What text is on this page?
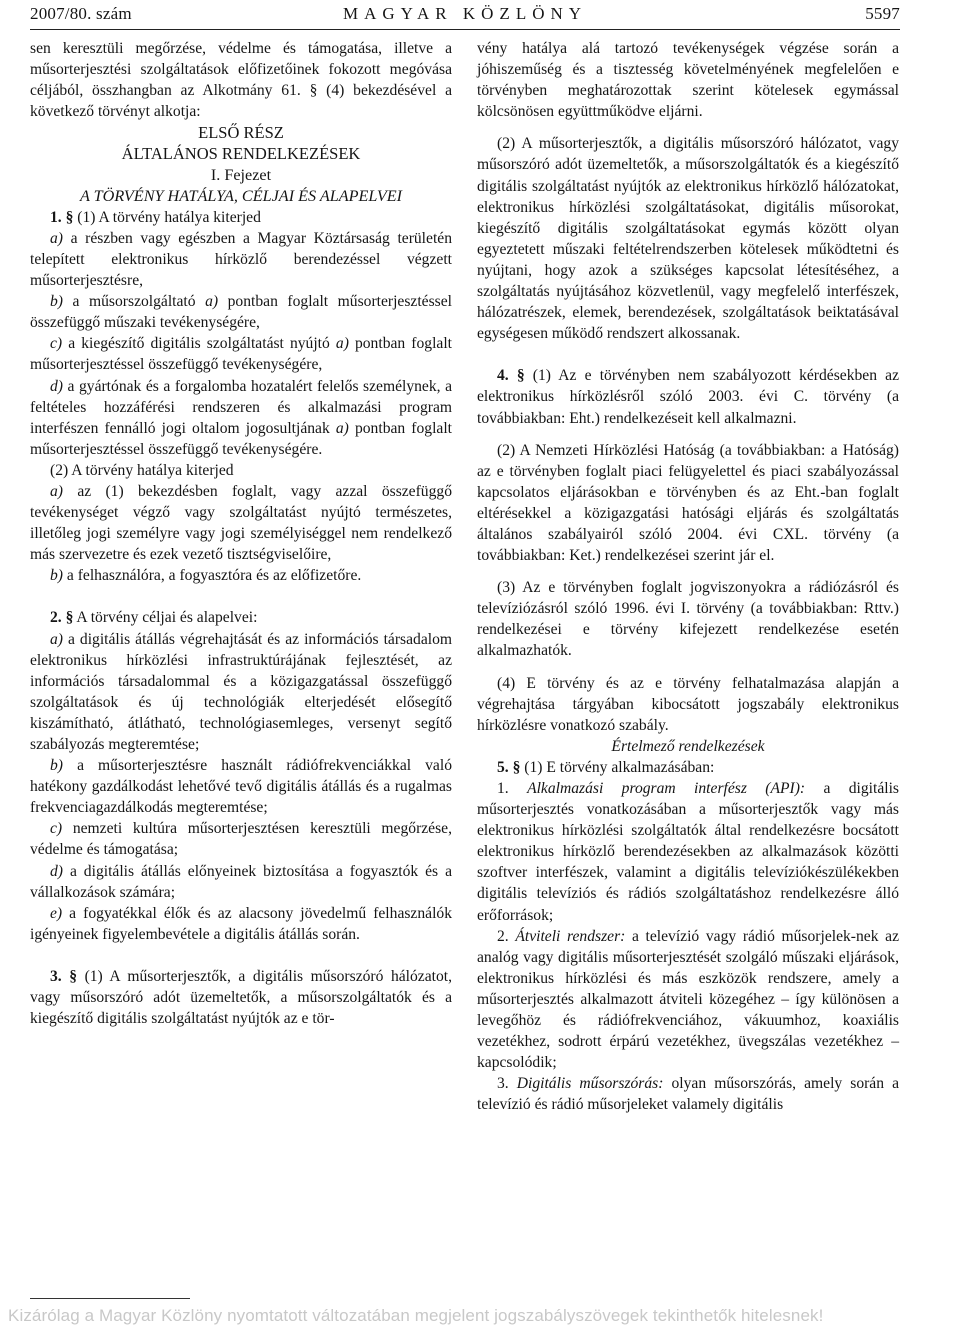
2007/80. szám	MAGYAR KÖZLÖNY	5597

sen keresztüli megőrzése, védelme és támogatása, illetve a műsorterjesztési szolgáltatások előfizetőinek fokozott megóvása céljából, összhangban az Alkotmány 61. § (4) bekezdésével a következő törvényt alkotja:

ELSŐ RÉSZ

ÁLTALÁNOS RENDELKEZÉSEK

I. Fejezet

A TÖRVÉNY HATÁLYA, CÉLJAI ÉS ALAPELVEI

1. § (1) A törvény hatálya kiterjed

a) a részben vagy egészben a Magyar Köztársaság területén telepített elektronikus hírközlő berendezéssel végzett műsorterjesztésre,

b) a műsorszolgáltató a) pontban foglalt műsorterjesztéssel összefüggő műszaki tevékenységére,

c) a kiegészítő digitális szolgáltatást nyújtó a) pontban foglalt műsorterjesztéssel összefüggő tevékenységére,

d) a gyártónak és a forgalomba hozatalért felelős személynek, a feltételes hozzáférési rendszeren és alkalmazási program interfészen fennálló jogi oltalom jogosultjának a) pontban foglalt műsorterjesztéssel összefüggő tevékenységére.

(2) A törvény hatálya kiterjed

a) az (1) bekezdésben foglalt, vagy azzal összefüggő tevékenységet végző vagy szolgáltatást nyújtó természetes, illetőleg jogi személyre vagy jogi személyiséggel nem rendelkező más szervezetre és ezek vezető tisztségviselőire,

b) a felhasználóra, a fogyasztóra és az előfizetőre.

2. § A törvény céljai és alapelvei:

a) a digitális átállás végrehajtását és az információs társadalom elektronikus hírközlési infrastruktúrájának fejlesztését, az információs társadalommal és a közigazgatással összefüggő szolgáltatások és új technológiák elterjedését elősegítő kiszámítható, átlátható, technológiasemleges, versenyt segítő szabályozás megteremtése;

b) a műsorterjesztésre használt rádiófrekvenciákkal való hatékony gazdálkodást lehetővé tevő digitális átállás és a rugalmas frekvenciagazdálkodás megteremtése;

c) nemzeti kultúra műsorterjesztésen keresztüli megőrzése, védelme és támogatása;

d) a digitális átállás előnyeinek biztosítása a fogyasztók és a vállalkozások számára;

e) a fogyatékkal élők és az alacsony jövedelmű felhasználók igényeinek figyelembevétele a digitális átállás során.

3. § (1) A műsorterjesztők, a digitális műsorszóró hálózatot, vagy műsorszóró adót üzemeltetők, a műsorszolgáltatók és a kiegészítő digitális szolgáltatást nyújtók az e tör-

vény hatálya alá tartozó tevékenységek végzése során a jóhiszeműség és a tisztesség követelményének megfelelően e törvényben meghatározottak szerint kötelesek egymással kölcsönösen együttműködve eljárni.

(2) A műsorterjesztők, a digitális műsorszóró hálózatot, vagy műsorszóró adót üzemeltetők, a műsorszolgáltatók és a kiegészítő digitális szolgáltatást nyújtók az elektronikus hírközlő hálózatokat, elektronikus hírközlési szolgáltatásokat, digitális műsorokat, kiegészítő digitális szolgáltatásokat egymás között olyan egyeztetett műszaki feltételrendszerben kötelesek működtetni és nyújtani, hogy azok a szükséges kapcsolat létesítéséhez, a szolgáltatás nyújtásához közvetlenül, vagy megfelelő interfészek, hálózatrészek, elemek, berendezések, szolgáltatások beiktatásával egységesen működő rendszert alkossanak.

4. § (1) Az e törvényben nem szabályozott kérdésekben az elektronikus hírközlésről szóló 2003. évi C. törvény (a továbbiakban: Eht.) rendelkezéseit kell alkalmazni.

(2) A Nemzeti Hírközlési Hatóság (a továbbiakban: a Hatóság) az e törvényben foglalt piaci felügyelettel és piaci szabályozással kapcsolatos eljárásokban e törvényben és az Eht.-ban foglalt eltérésekkel a közigazgatási hatósági eljárás és szolgáltatás általános szabályairól szóló 2004. évi CXL. törvény (a továbbiakban: Ket.) rendelkezései szerint jár el.

(3) Az e törvényben foglalt jogviszonyokra a rádiózásról és televíziózásról szóló 1996. évi I. törvény (a továbbiakban: Rttv.) rendelkezései e törvény kifejezett rendelkezése esetén alkalmazhatók.

(4) E törvény és az e törvény felhatalmazása alapján a végrehajtása tárgyában kibocsátott jogszabály elektronikus hírközlésre vonatkozó szabály.

Értelmező rendelkezések

5. § (1) E törvény alkalmazásában:

1. Alkalmazási program interfész (API): a digitális műsorterjesztés vonatkozásában a műsorterjesztők vagy más elektronikus hírközlési szolgáltatók által rendelkezésre bocsátott elektronikus hírközlő berendezésekben az alkalmazások közötti szoftver interfészek, valamint a digitális televíziókészülékekben digitális televíziós és rádiós szolgáltatáshoz rendelkezésre álló erőforrások;

2. Átviteli rendszer: a televízió vagy rádió műsorjelek-nek az analóg vagy digitális műsorterjesztését szolgáló műszaki eljárások, elektronikus hírközlési és más eszközök rendszere, amely a műsorterjesztés alkalmazott átviteli közegéhez – így különösen a levegőhöz és rádiófrekvenciához, vákuumhoz, koaxiális vezetékhez, sodrott érpárú vezetékhez, üvegszálas vezetékhez – kapcsolódik;

3. Digitális műsorszórás: olyan műsorszórás, amely során a televízió és rádió műsorjeleket valamely digitális

Kizárólag a Magyar Közlöny nyomtatott változatában megjelent jogszabályszövegek tekinthetők hitelesnek!
